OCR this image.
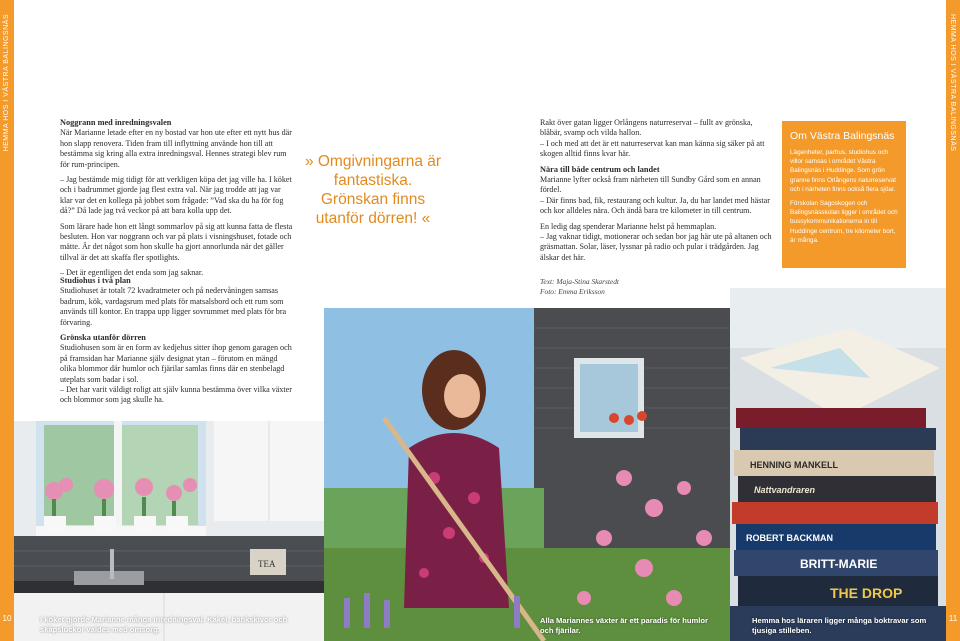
HEMMA HOS I VÄSTRA BALINGSNÄS
10
HEMMA HOS I VÄSTRA BALINGSNÄS
11
Noggrann med inredningsvalen

När Marianne letade efter en ny bostad var hon ute efter ett nytt hus där hon slapp renovera. Tiden fram till inflyttning använde hon till att bestämma sig kring alla extra inredningsval. Hennes strategi blev rum för rum-principen.

– Jag bestämde mig tidigt för att verkligen köpa det jag ville ha. I köket och i badrummet gjorde jag flest extra val. När jag trodde att jag var klar var det en kollega på jobbet som frågade: ”Vad ska du ha för fog då?” Då lade jag två veckor på att bara kolla upp det.

Som lärare hade hon ett långt sommarlov på sig att kunna fatta de flesta besluten. Hon var noggrann och var på plats i visningshuset, fotade och mätte. Är det något som hon skulle ha gjort annorlunda när det gäller tillval är det att skaffa fler spotlights.

– Det är egentligen det enda som jag saknar.

Studiohus i två plan

Studiohuset är totalt 72 kvadratmeter och på nedervåningen samsas badrum, kök, vardagsrum med plats för matsalsbord och ett rum som används till kontor. En trappa upp ligger sovrummet med plats för bra förvaring.

Grönska utanför dörren

Studiohusen som är en form av kedjehus sitter ihop genom garagen och på framsidan har Marianne själv designat ytan – förutom en mängd olika blommor där humlor och fjärilar samlas finns där en stenbelagd uteplats som badar i sol.

– Det har varit väldigt roligt att själv kunna bestämma över vilka växter och blommor som jag skulle ha.

» Omgivningarna är fantastiska. Grönskan finns utanför dörren! «

Rakt över gatan ligger Orlångens naturreservat – fullt av grönska, blåbär, svamp och vilda hallon.

– I och med att det är ett naturreservat kan man känna sig säker på att skogen alltid finns kvar här.

Nära till både centrum och landet

Marianne lyfter också fram närheten till Sundby Gård som en annan fördel.

– Där finns bad, fik, restaurang och kultur. Ja, du har landet med hästar och kor alldeles nära. Och ändå bara tre kilometer in till centrum.

En ledig dag spenderar Marianne helst på hemmaplan.

– Jag vaknar tidigt, motionerar och sedan bor jag här ute på altanen och gräsmattan. Solar, läser, lyssnar på radio och pular i trädgården. Jag älskar det här.

Text: Maja-Stina Skarstedt
Foto: Emma Eriksson
Om Västra Balingsnäs

Lägenheter, parhus, studiohus och villor samsas i området Västra Balingsnäs i Huddinge. Som grön granne finns Orlångens naturreservat och i närheten finns också flera sjöar.

Förskolan Sagoskogen och Balingsnässkolan ligger i området och bussykommunikationerna in till Huddinge centrum, tre kilometer bort, är många.

TEA
I köket gjorde Marianne många inredningsval. Kakel, bänkskivor och skåpsluckor valdes med omsorg.
Alla Mariannes växter är ett paradis för humlor och fjärilar.
HENNING MANKELL
Nattvandraren
ROBERT BACKMAN
BRITT-MARIE
THE DROP
Hemma hos läraren ligger många boktravar som tjusiga stilleben.
